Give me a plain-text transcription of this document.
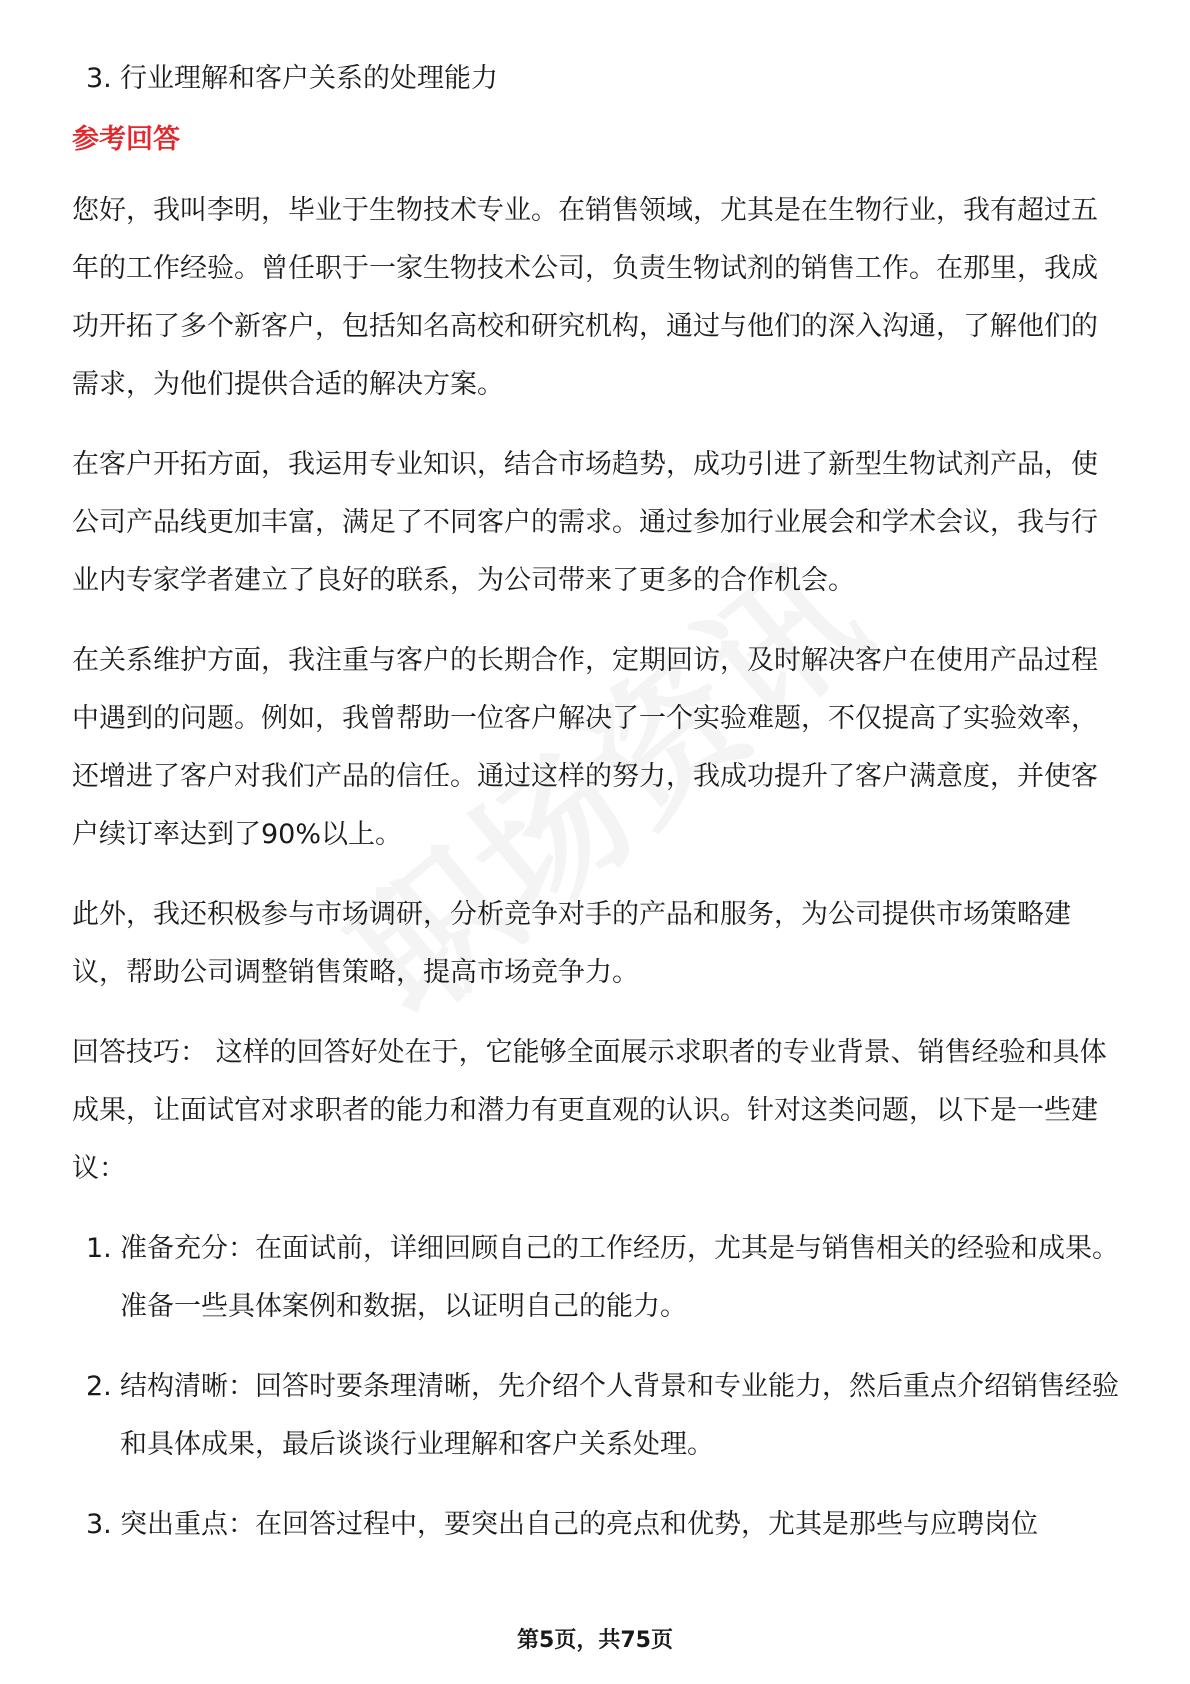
3. 行业理解和客户关系的处理能力
参考回答
您好，我叫李明，毕业于生物技术专业。在销售领域，尤其是在生物行业，我有超过五年的工作经验。曾任职于一家生物技术公司，负责生物试剂的销售工作。在那里，我成功开拓了多个新客户，包括知名高校和研究机构，通过与他们的深入沟通，了解他们的需求，为他们提供合适的解决方案。
在客户开拓方面，我运用专业知识，结合市场趋势，成功引进了新型生物试剂产品，使公司产品线更加丰富，满足了不同客户的需求。通过参加行业展会和学术会议，我与行业内专家学者建立了良好的联系，为公司带来了更多的合作机会。
在关系维护方面，我注重与客户的长期合作，定期回访，及时解决客户在使用产品过程中遇到的问题。例如，我曾帮助一位客户解决了一个实验难题，不仅提高了实验效率，还增进了客户对我们产品的信任。通过这样的努力，我成功提升了客户满意度，并使客户续订率达到了90%以上。
此外，我还积极参与市场调研，分析竞争对手的产品和服务，为公司提供市场策略建议，帮助公司调整销售策略，提高市场竞争力。
回答技巧： 这样的回答好处在于，它能够全面展示求职者的专业背景、销售经验和具体成果，让面试官对求职者的能力和潜力有更直观的认识。针对这类问题，以下是一些建议：
1. 准备充分：在面试前，详细回顾自己的工作经历，尤其是与销售相关的经验和成果。准备一些具体案例和数据，以证明自己的能力。
2. 结构清晰：回答时要条理清晰，先介绍个人背景和专业能力，然后重点介绍销售经验和具体成果，最后谈谈行业理解和客户关系处理。
3. 突出重点：在回答过程中，要突出自己的亮点和优势，尤其是那些与应聘岗位
第5页，共75页
